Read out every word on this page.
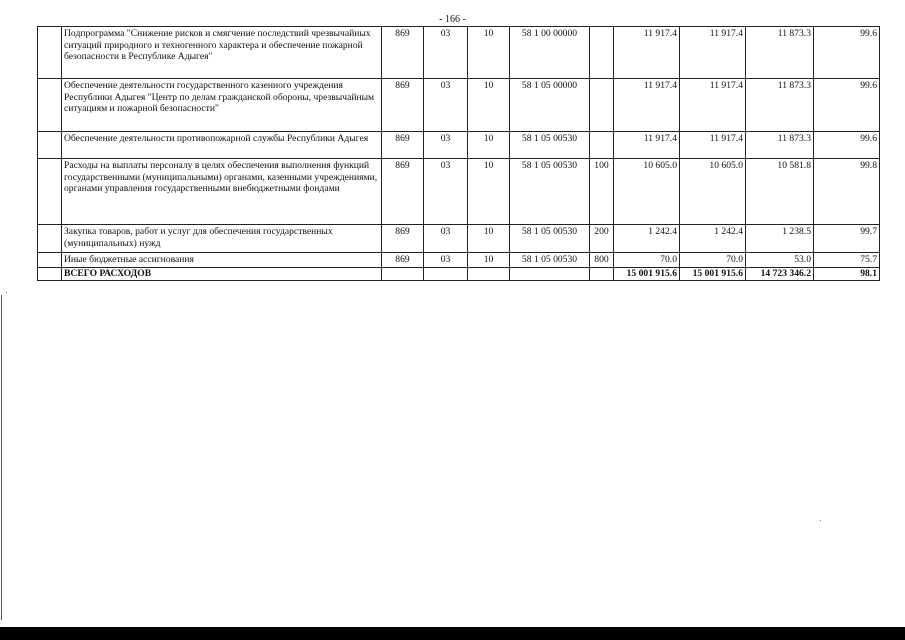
- 166 -
	Подпрограмма "Снижение рисков и смягчение последствий чрезвычайных ситуаций природного и техногенного характера и обеспечение пожарной безопасности в Республике Адыгея"	869	03	10	58 1 00 00000		11 917.4	11 917.4	11 873.3	99.6
	Обеспечение деятельности государственного казенного учреждения Республики Адыгея "Центр по делам гражданской обороны, чрезвычайным ситуациям и пожарной безопасности"	869	03	10	58 1 05 00000		11 917.4	11 917.4	11 873.3	99.6
	Обеспечение деятельности противопожарной службы Республики Адыгея	869	03	10	58 1 05 00530		11 917.4	11 917.4	11 873.3	99.6
	Расходы на выплаты персоналу в целях обеспечения выполнения функций государственными (муниципальными) органами, казенными учреждениями, органами управления государственными внебюджетными фондами	869	03	10	58 1 05 00530	100	10 605.0	10 605.0	10 581.8	99.8
	Закупка товаров, работ и услуг для обеспечения государственных (муниципальных) нужд	869	03	10	58 1 05 00530	200	1 242.4	1 242.4	1 238.5	99.7
	Иные бюджетные ассигнования	869	03	10	58 1 05 00530	800	70.0	70.0	53.0	75.7
	ВСЕГО РАСХОДОВ						15 001 915.6	15 001 915.6	14 723 346.2	98.1
